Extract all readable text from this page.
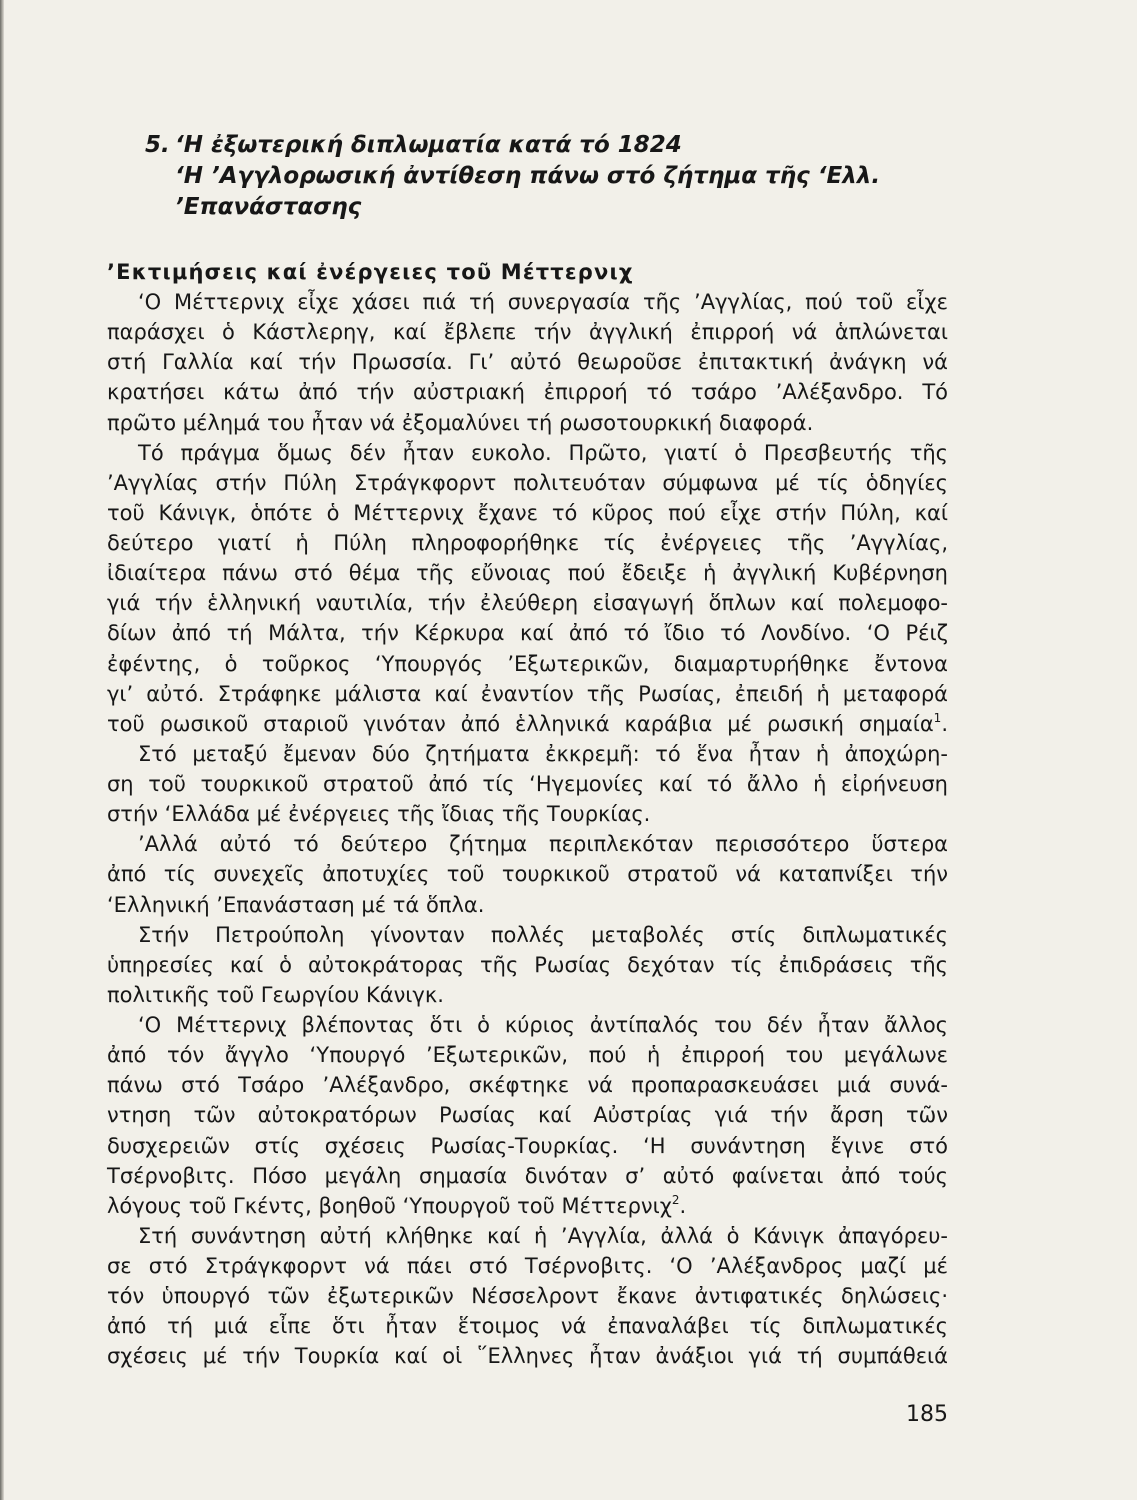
5. ‘Η ἐξωτερική διπλωματία κατά τό 1824
‘Η ’Αγγλορωσική ἀντίθεση πάνω στό ζήτημα τῆς ‘Ελλ.
’Επανάστασης
’Εκτιμήσεις καί ἐνέργειες τοῦ Μέττερνιχ
‘Ο Μέττερνιχ εἶχε χάσει πιά τή συνεργασία τῆς ’Αγγλίας, πού τοῦ εἶχε
παράσχει ὁ Κάστλερηγ, καί ἔβλεπε τήν ἀγγλική ἐπιρροή νά ἁπλώνεται
στή Γαλλία καί τήν Πρωσσία. Γι’ αὐτό θεωροῦσε ἐπιτακτική ἀνάγκη νά
κρατήσει κάτω ἀπό τήν αὐστριακή ἐπιρροή τό τσάρο ’Αλέξανδρο. Τό
πρῶτο μέλημά του ἦταν νά ἐξομαλύνει τή ρωσοτουρκική διαφορά.
Τό πράγμα ὅμως δέν ἦταν ευκολο. Πρῶτο, γιατί ὁ Πρεσβευτής τῆς
’Αγγλίας στήν Πύλη Στράγκφορντ πολιτευόταν σύμφωνα μέ τίς ὁδηγίες
τοῦ Κάνιγκ, ὁπότε ὁ Μέττερνιχ ἔχανε τό κῦρος πού εἶχε στήν Πύλη, καί
δεύτερο γιατί ἡ Πύλη πληροφορήθηκε τίς ἐνέργειες τῆς ’Αγγλίας,
ἰδιαίτερα πάνω στό θέμα τῆς εὔνοιας πού ἔδειξε ἡ ἀγγλική Κυβέρνηση
γιά τήν ἑλληνική ναυτιλία, τήν ἐλεύθερη εἰσαγωγή ὅπλων καί πολεμοφο-
δίων ἀπό τή Μάλτα, τήν Κέρκυρα καί ἀπό τό ἴδιο τό Λονδίνο. ‘Ο Ρέιζ
ἐφέντης, ὁ τοῦρκος ‘Υπουργός ’Εξωτερικῶν, διαμαρτυρήθηκε ἔντονα
γι’ αὐτό. Στράφηκε μάλιστα καί ἐναντίον τῆς Ρωσίας, ἐπειδή ἡ μεταφορά
τοῦ ρωσικοῦ σταριοῦ γινόταν ἀπό ἑλληνικά καράβια μέ ρωσική σημαία$^1$.
Στό μεταξύ ἔμεναν δύο ζητήματα ἐκκρεμῆ: τό ἕνα ἦταν ἡ ἀποχώρη-
ση τοῦ τουρκικοῦ στρατοῦ ἀπό τίς ‘Ηγεμονίες καί τό ἄλλο ἡ εἰρήνευση
στήν ‘Ελλάδα μέ ἐνέργειες τῆς ἴδιας τῆς Τουρκίας.
’Αλλά αὐτό τό δεύτερο ζήτημα περιπλεκόταν περισσότερο ὕστερα
ἀπό τίς συνεχεῖς ἀποτυχίες τοῦ τουρκικοῦ στρατοῦ νά καταπνίξει τήν
‘Ελληνική ’Επανάσταση μέ τά ὅπλα.
Στήν Πετρούπολη γίνονταν πολλές μεταβολές στίς διπλωματικές
ὑπηρεσίες καί ὁ αὐτοκράτορας τῆς Ρωσίας δεχόταν τίς ἐπιδράσεις τῆς
πολιτικῆς τοῦ Γεωργίου Κάνιγκ.
‘Ο Μέττερνιχ βλέποντας ὅτι ὁ κύριος ἀντίπαλός του δέν ἦταν ἄλλος
ἀπό τόν ἄγγλο ‘Υπουργό ’Εξωτερικῶν, πού ἡ ἐπιρροή του μεγάλωνε
πάνω στό Τσάρο ’Αλέξανδρο, σκέφτηκε νά προπαρασκευάσει μιά συνά-
ντηση τῶν αὐτοκρατόρων Ρωσίας καί Αὐστρίας γιά τήν ἄρση τῶν
δυσχερειῶν στίς σχέσεις Ρωσίας-Τουρκίας. ‘Η συνάντηση ἔγινε στό
Τσέρνοβιτς. Πόσο μεγάλη σημασία δινόταν σ’ αὐτό φαίνεται ἀπό τούς
λόγους τοῦ Γκέντς, βοηθοῦ ‘Υπουργοῦ τοῦ Μέττερνιχ$^2$.
Στή συνάντηση αὐτή κλήθηκε καί ἡ ’Αγγλία, ἀλλά ὁ Κάνιγκ ἀπαγόρευ-
σε στό Στράγκφορντ νά πάει στό Τσέρνοβιτς. ‘Ο ’Αλέξανδρος μαζί μέ
τόν ὑπουργό τῶν ἐξωτερικῶν Νέσσελροντ ἔκανε ἀντιφατικές δηλώσεις·
ἀπό τή μιά εἶπε ὅτι ἦταν ἕτοιμος νά ἐπαναλάβει τίς διπλωματικές
σχέσεις μέ τήν Τουρκία καί οἱ ῞Ελληνες ἦταν ἀνάξιοι γιά τή συμπάθειά
185
